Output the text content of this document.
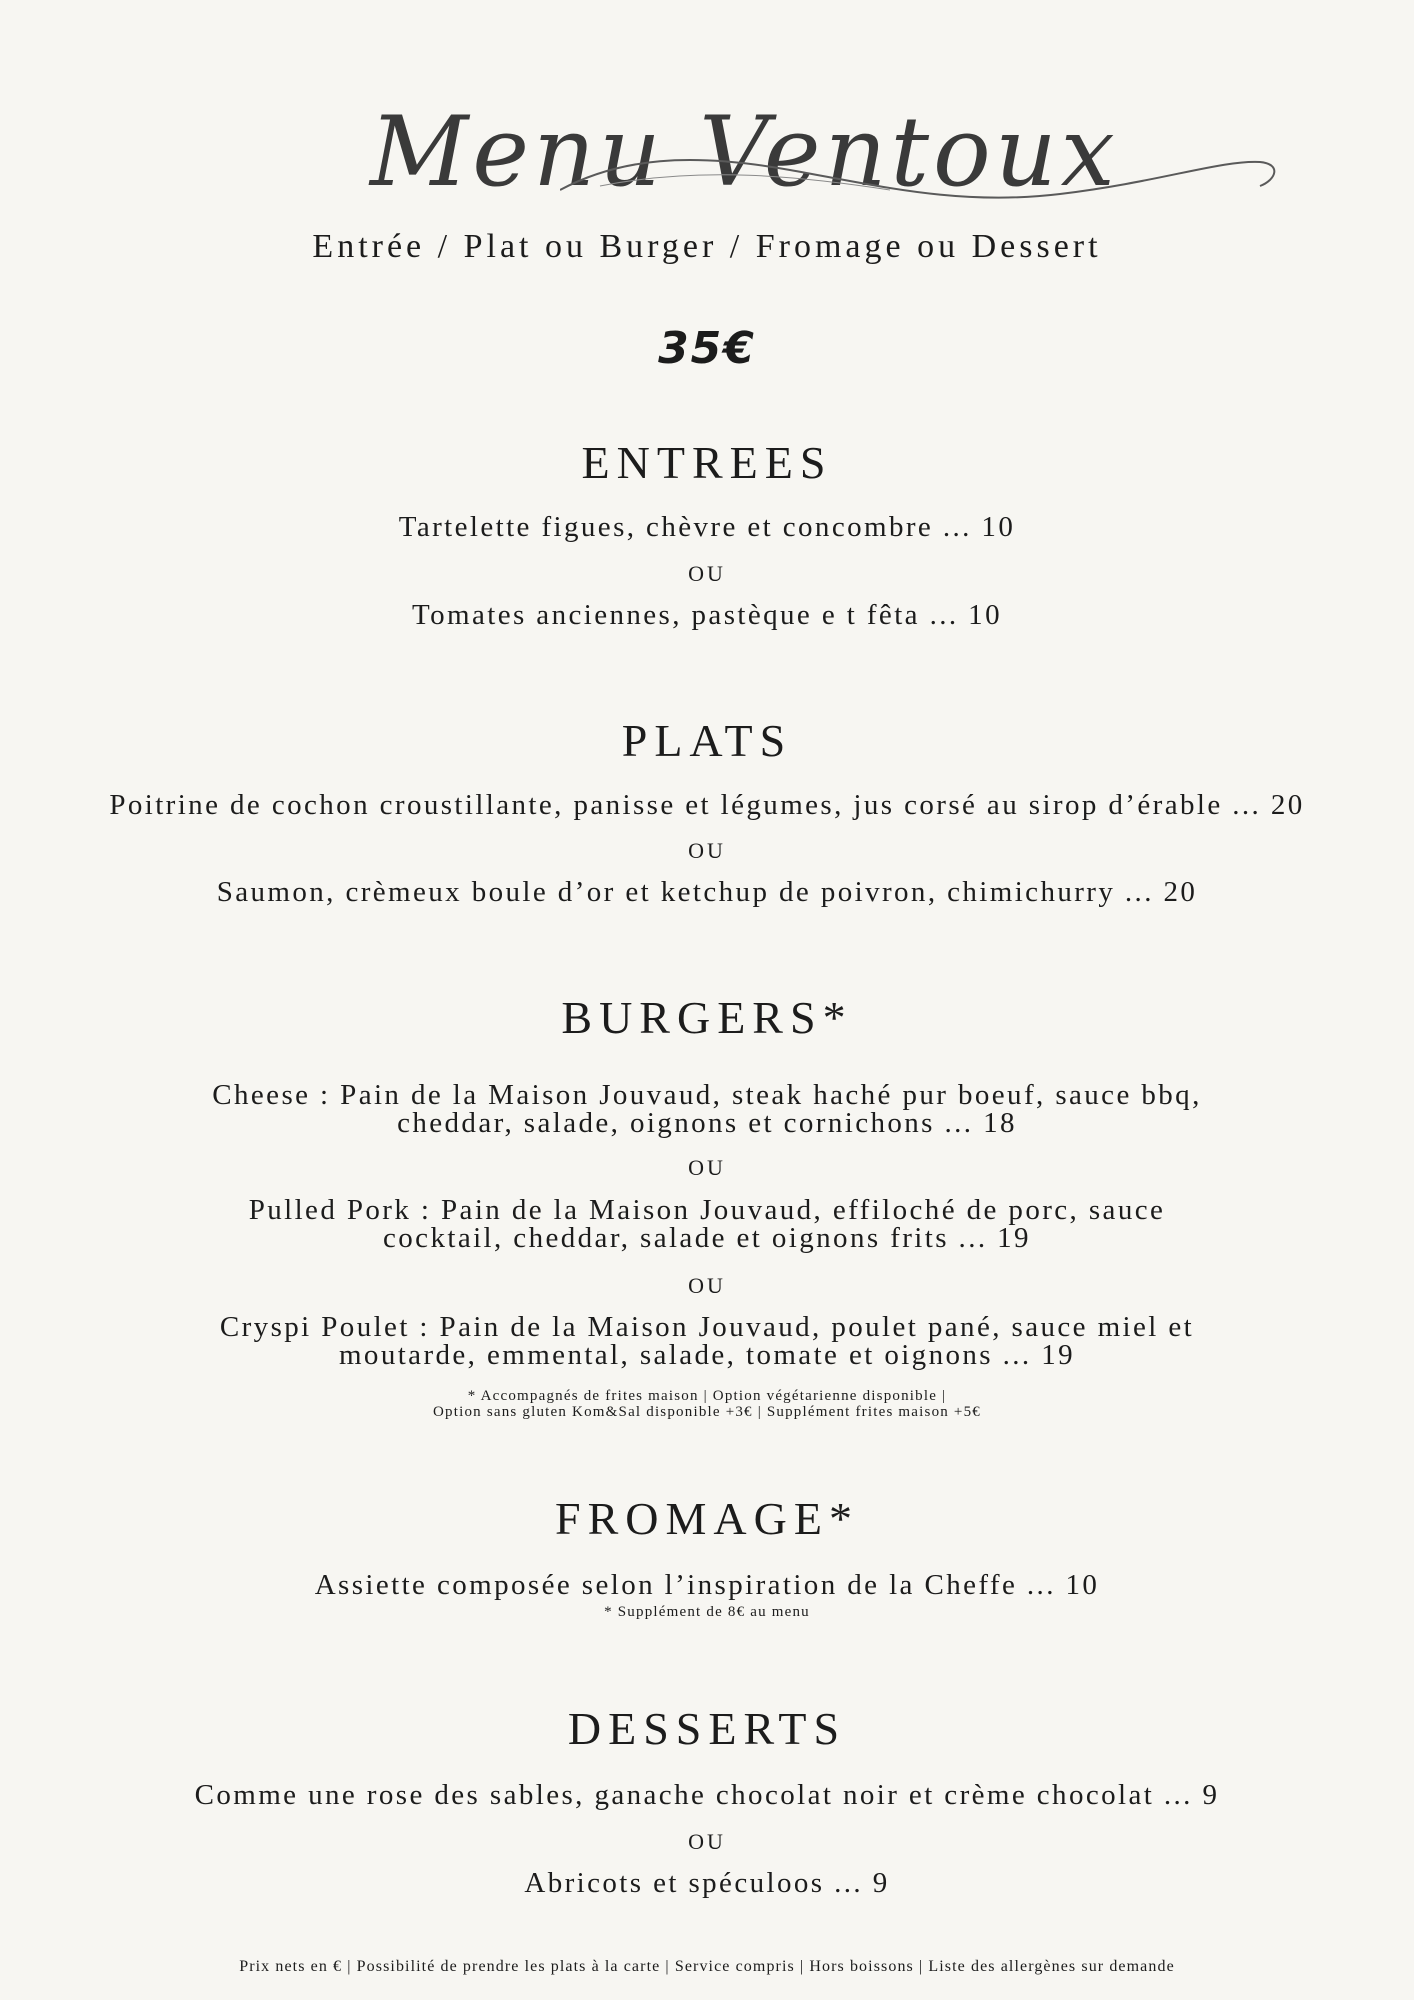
Menu Ventoux
Entrée / Plat ou Burger / Fromage ou Dessert
35€
ENTREES
Tartelette figues, chèvre et concombre ... 10
OU
Tomates anciennes, pastèque e t fêta ... 10
PLATS
Poitrine de cochon croustillante, panisse et légumes, jus corsé au sirop d’érable ... 20
OU
Saumon, crèmeux boule d’or et ketchup de poivron, chimichurry ... 20
BURGERS*
Cheese : Pain de la Maison Jouvaud, steak haché pur boeuf, sauce bbq,
cheddar, salade, oignons et cornichons ... 18
OU
Pulled Pork : Pain de la Maison Jouvaud, effiloché de porc, sauce
cocktail, cheddar, salade et oignons frits ... 19
OU
Cryspi Poulet : Pain de la Maison Jouvaud, poulet pané, sauce miel et
moutarde, emmental, salade, tomate et oignons ... 19
* Accompagnés de frites maison | Option végétarienne disponible |
Option sans gluten Kom&Sal disponible +3€ | Supplément frites maison +5€
FROMAGE*
Assiette composée selon l’inspiration de la Cheffe ... 10
* Supplément de 8€ au menu
DESSERTS
Comme une rose des sables, ganache chocolat noir et crème chocolat ... 9
OU
Abricots et spéculoos ... 9
Prix nets en € | Possibilité de prendre les plats à la carte | Service compris | Hors boissons | Liste des allergènes sur demande
